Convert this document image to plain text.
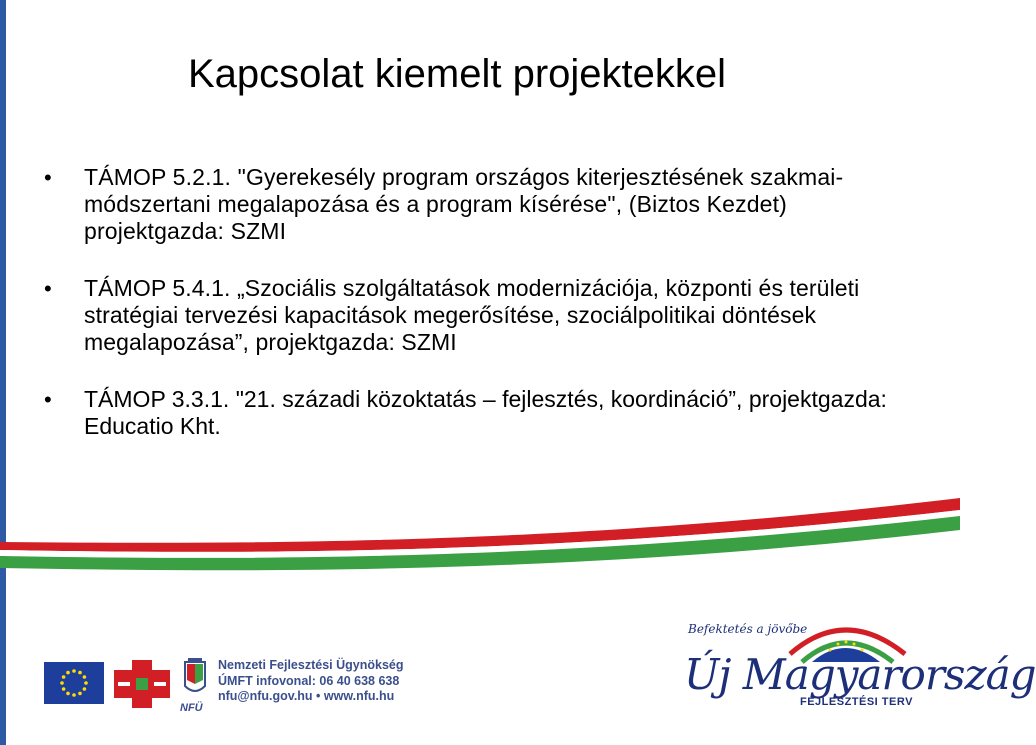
Kapcsolat kiemelt projektekkel
• TÁMOP 5.2.1. "Gyerekesély program országos kiterjesztésének szakmai-módszertani megalapozása és a program kísérése", (Biztos Kezdet) projektgazda: SZMI
• TÁMOP 5.4.1. „Szociális szolgáltatások modernizációja, központi és területi stratégiai tervezési kapacitások megerősítése, szociálpolitikai döntések megalapozása”, projektgazda: SZMI
• TÁMOP 3.3.1. "21. századi közoktatás – fejlesztés, koordináció”, projektgazda: Educatio Kht.
Nemzeti Fejlesztési Ügynökség
ÚMFT infovonal: 06 40 638 638
nfu@nfu.gov.hu • www.nfu.hu
NFÜ
Befektetés a jövőbe
Új Magyarország
FEJLESZTÉSI TERV
